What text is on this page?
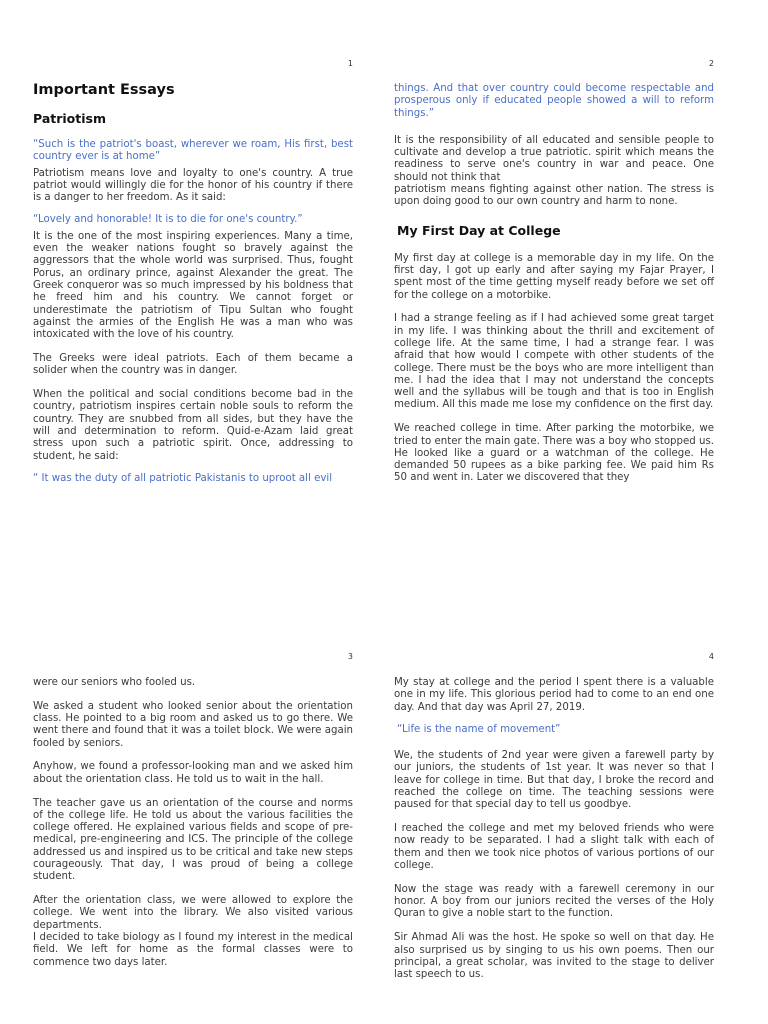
1
Important Essays
Patriotism

“Such is the patriot's boast, wherever we roam, His first, best country ever is at home”

Patriotism means love and loyalty to one's country. A true patriot would willingly die for the honor of his country if there is a danger to her freedom. As it said:

“Lovely and honorable! It is to die for one's country.”

It is the one of the most inspiring experiences. Many a time, even the weaker nations fought so bravely against the aggressors that the whole world was surprised. Thus, fought Porus, an ordinary prince, against Alexander the great. The Greek conqueror was so much impressed by his boldness that he freed him and his country. We cannot forget or underestimate the patriotism of Tipu Sultan who fought against the armies of the English He was a man who was intoxicated with the love of his country.

The Greeks were ideal patriots. Each of them became a solider when the country was in danger.

When the political and social conditions become bad in the country, patriotism inspires certain noble souls to reform the country. They are snubbed from all sides, but they have the will and determination to reform. Quid-e-Azam laid great stress upon such a patriotic spirit. Once, addressing to student, he said:

“ It was the duty of all patriotic Pakistanis to uproot all evil

2

things. And that over country could become respectable and prosperous only if educated people showed a will to reform things.”

It is the responsibility of all educated and sensible people to cultivate and develop a true patriotic. spirit which means the readiness to serve one's country in war and peace. One should not think that

patriotism means fighting against other nation. The stress is upon doing good to our own country and harm to none.

My First Day at College

My first day at college is a memorable day in my life. On the first day, I got up early and after saying my Fajar Prayer, I spent most of the time getting myself ready before we set off for the college on a motorbike.

I had a strange feeling as if I had achieved some great target in my life. I was thinking about the thrill and excitement of college life. At the same time, I had a strange fear. I was afraid that how would I compete with other students of the college. There must be the boys who are more intelligent than me. I had the idea that I may not understand the concepts well and the syllabus will be tough and that is too in English medium. All this made me lose my confidence on the first day.

We reached college in time. After parking the motorbike, we tried to enter the main gate. There was a boy who stopped us. He looked like a guard or a watchman of the college. He demanded 50 rupees as a bike parking fee. We paid him Rs 50 and went in. Later we discovered that they

3

were our seniors who fooled us.

We asked a student who looked senior about the orientation class. He pointed to a big room and asked us to go there. We went there and found that it was a toilet block. We were again fooled by seniors.

Anyhow, we found a professor-looking man and we asked him about the orientation class. He told us to wait in the hall.

The teacher gave us an orientation of the course and norms of the college life. He told us about the various facilities the college offered. He explained various fields and scope of pre-medical, pre-engineering and ICS. The principle of the college addressed us and inspired us to be critical and take new steps courageously. That day, I was proud of being a college student.

After the orientation class, we were allowed to explore the college. We went into the library. We also visited various departments.

I decided to take biology as I found my interest in the medical field. We left for home as the formal classes were to commence two days later.

4

My stay at college and the period I spent there is a valuable one in my life. This glorious period had to come to an end one day. And that day was April 27, 2019.

“Life is the name of movement”

We, the students of 2nd year were given a farewell party by our juniors, the students of 1st year. It was never so that I leave for college in time. But that day, I broke the record and reached the college on time. The teaching sessions were paused for that special day to tell us goodbye.

I reached the college and met my beloved friends who were now ready to be separated. I had a slight talk with each of them and then we took nice photos of various portions of our college.

Now the stage was ready with a farewell ceremony in our honor. A boy from our juniors recited the verses of the Holy Quran to give a noble start to the function.

Sir Ahmad Ali was the host. He spoke so well on that day. He also surprised us by singing to us his own poems. Then our principal, a great scholar, was invited to the stage to deliver last speech to us.
